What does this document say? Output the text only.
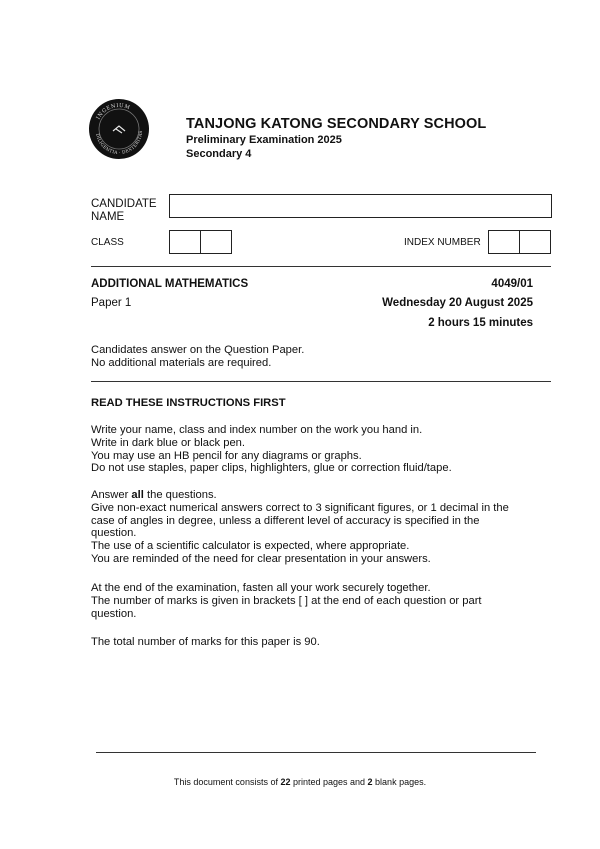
INGENIUM
DILIGENTIA · DEXTERITAS
TANJONG KATONG SECONDARY SCHOOL
Preliminary Examination 2025
Secondary 4
CANDIDATE
NAME
CLASS	INDEX NUMBER
ADDITIONAL MATHEMATICS	4049/01
Paper 1	Wednesday 20 August 2025
2 hours 15 minutes
Candidates answer on the Question Paper.
No additional materials are required.
READ THESE INSTRUCTIONS FIRST
Write your name, class and index number on the work you hand in.
Write in dark blue or black pen.
You may use an HB pencil for any diagrams or graphs.
Do not use staples, paper clips, highlighters, glue or correction fluid/tape.
Answer all the questions.
Give non-exact numerical answers correct to 3 significant figures, or 1 decimal in the
case of angles in degree, unless a different level of accuracy is specified in the
question.
The use of a scientific calculator is expected, where appropriate.
You are reminded of the need for clear presentation in your answers.
At the end of the examination, fasten all your work securely together.
The number of marks is given in brackets [ ] at the end of each question or part
question.
The total number of marks for this paper is 90.
This document consists of 22 printed pages and 2 blank pages.
